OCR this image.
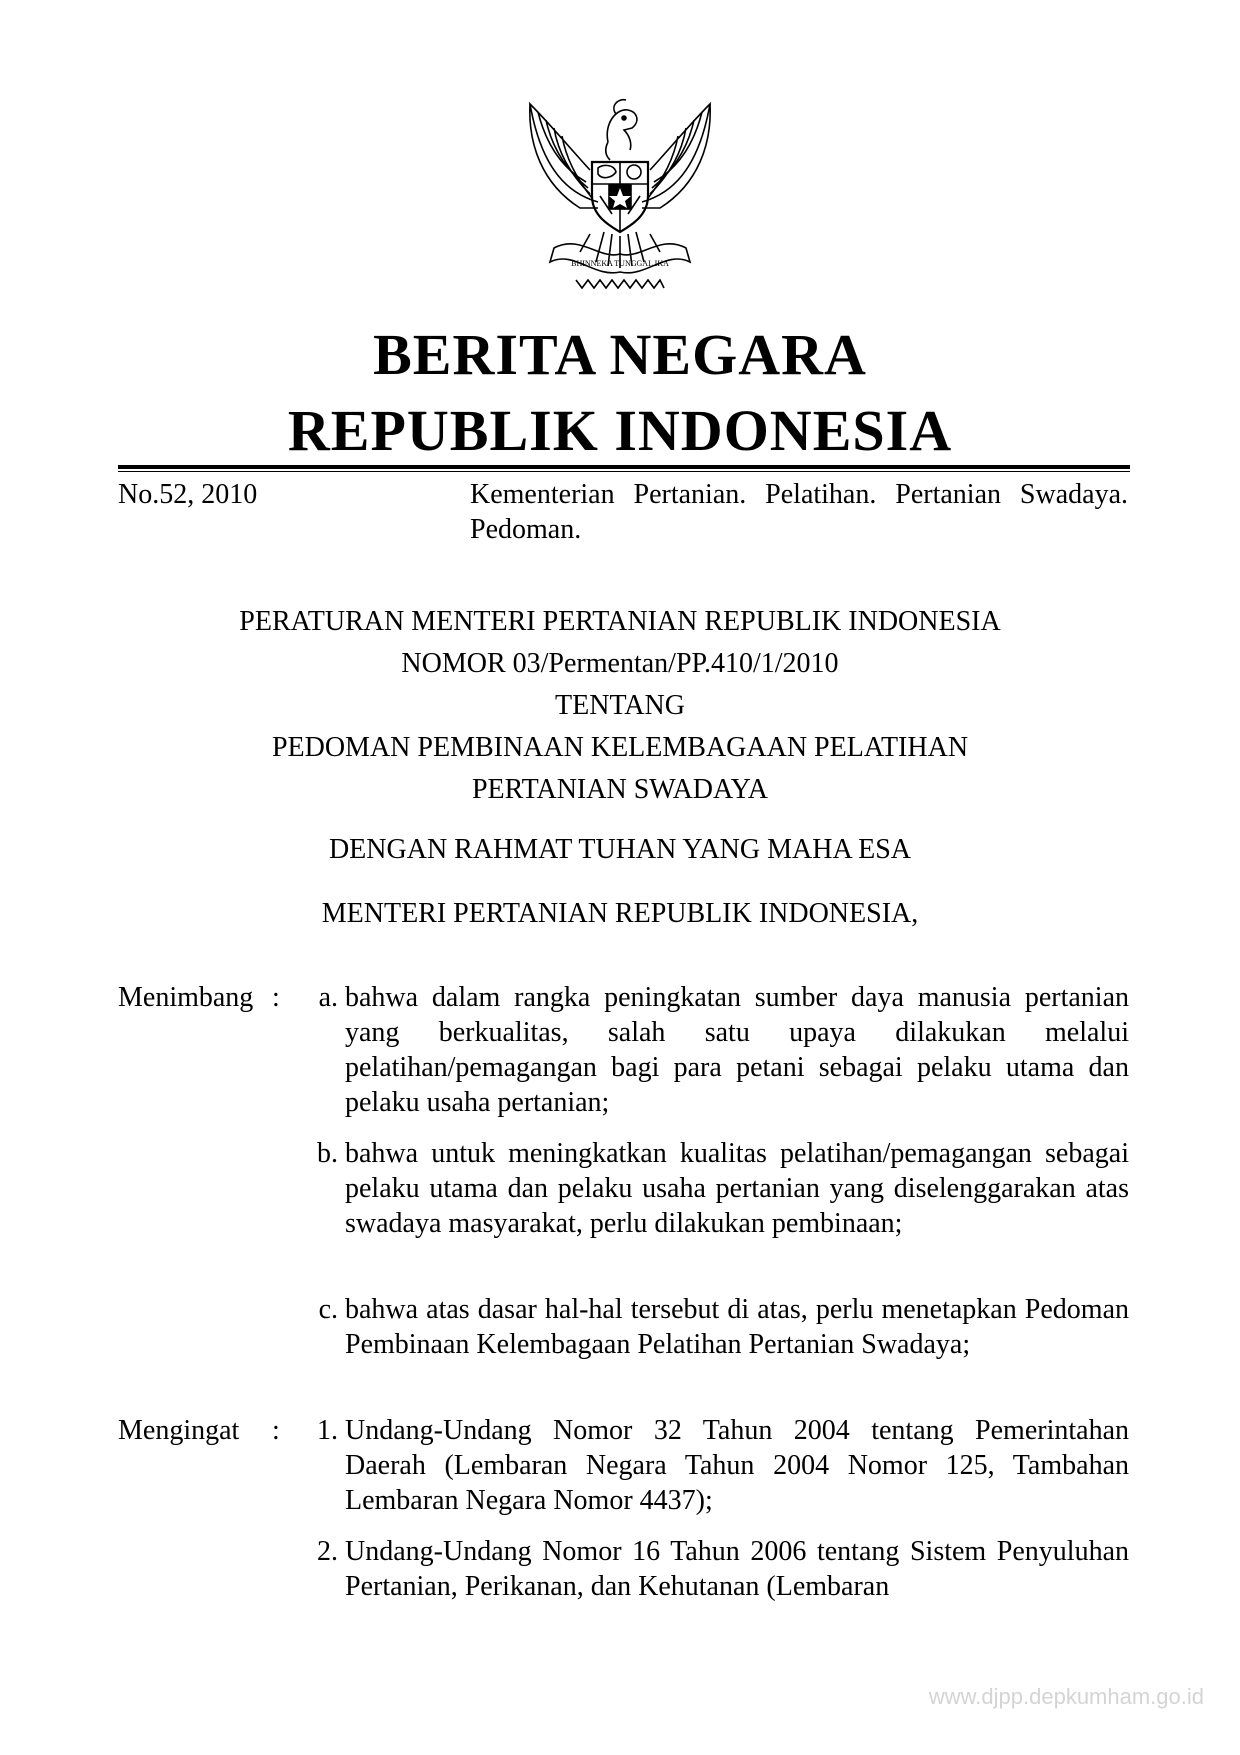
BHINNEKA TUNGGAL IKA
BERITA NEGARA
REPUBLIK INDONESIA
No.52, 2010	Kementerian Pertanian. Pelatihan. Pertanian Swadaya. Pedoman.
PERATURAN MENTERI PERTANIAN REPUBLIK INDONESIA
NOMOR 03/Permentan/PP.410/1/2010
TENTANG
PEDOMAN PEMBINAAN KELEMBAGAAN PELATIHAN
PERTANIAN SWADAYA
DENGAN RAHMAT TUHAN YANG MAHA ESA
MENTERI PERTANIAN REPUBLIK INDONESIA,
Menimbang :	a. bahwa dalam rangka peningkatan sumber daya manusia pertanian yang berkualitas, salah satu upaya dilakukan melalui pelatihan/pemagangan bagi para petani sebagai pelaku utama dan pelaku usaha pertanian;
b. bahwa untuk meningkatkan kualitas pelatihan/pemagangan sebagai pelaku utama dan pelaku usaha pertanian yang diselenggarakan atas swadaya masyarakat, perlu dilakukan pembinaan;
c. bahwa atas dasar hal-hal tersebut di atas, perlu menetapkan Pedoman Pembinaan Kelembagaan Pelatihan Pertanian Swadaya;
Mengingat :	1. Undang-Undang Nomor 32 Tahun 2004 tentang Pemerintahan Daerah (Lembaran Negara Tahun 2004 Nomor 125, Tambahan Lembaran Negara Nomor 4437);
2. Undang-Undang Nomor 16 Tahun 2006 tentang Sistem Penyuluhan Pertanian, Perikanan, dan Kehutanan (Lembaran
www.djpp.depkumham.go.id
